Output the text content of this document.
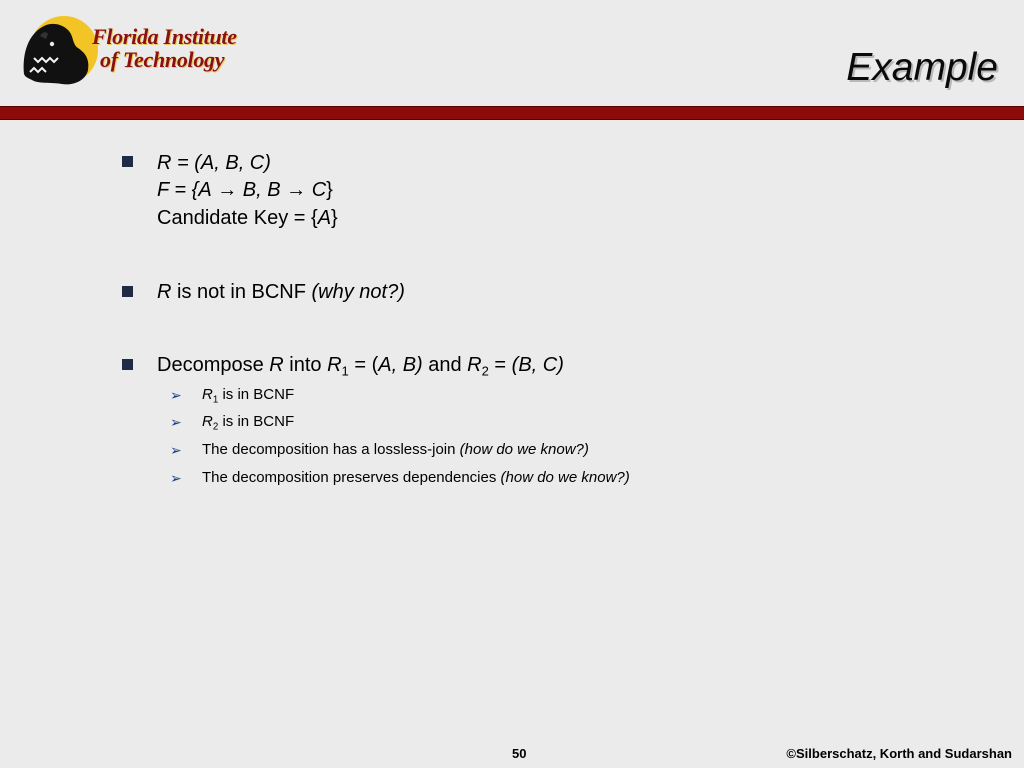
Florida Institute
of Technology	Example
R = (A, B, C)
F = {A → B, B → C}
Candidate Key = {A}
R is not in BCNF (why not?)
Decompose R into $R_1 = (A$, B) and $R_2 = (B$, C)
➢ $R_1$ is in BCNF
➢ $R_2$ is in BCNF
➢ The decomposition has a lossless-join (how do we know?)
➢ The decomposition preserves dependencies (how do we know?)
50	©Silberschatz, Korth and Sudarshan
